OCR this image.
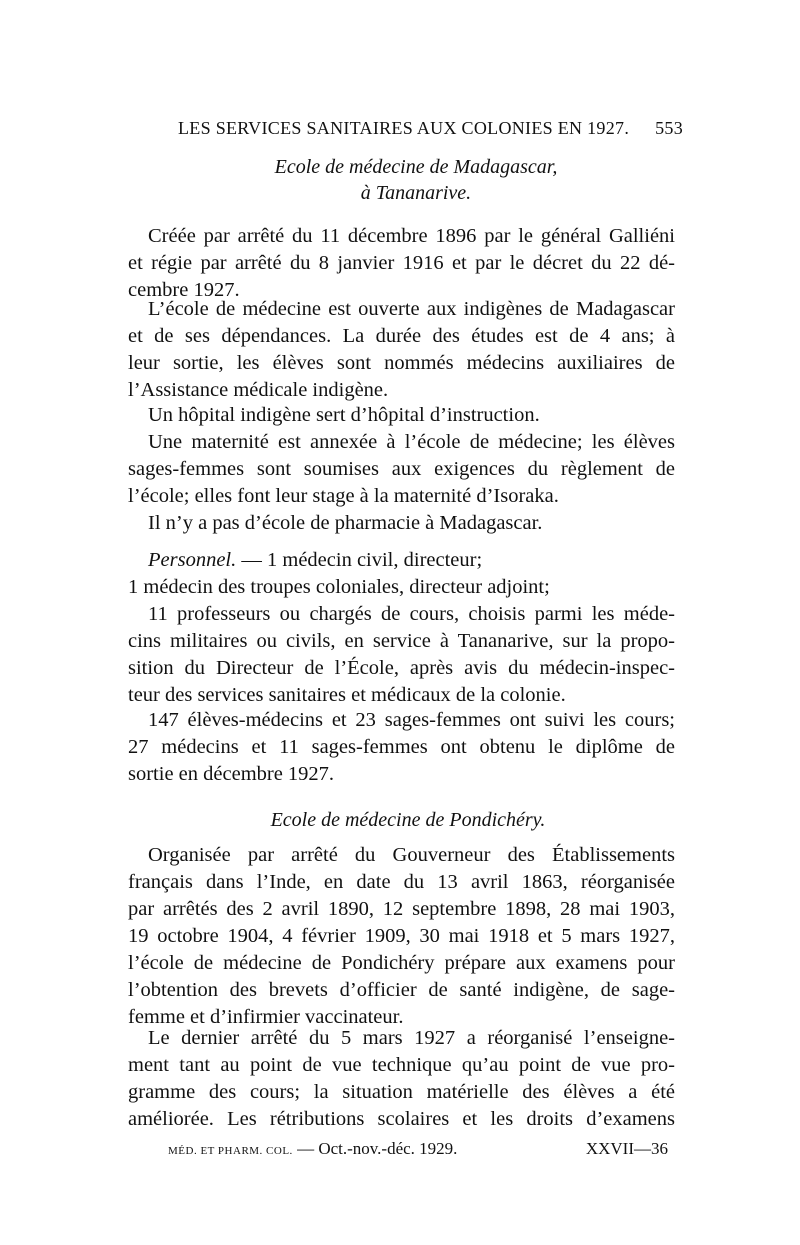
LES SERVICES SANITAIRES AUX COLONIES EN 1927. 553
Ecole de médecine de Madagascar,
à Tananarive.
Créée par arrêté du 11 décembre 1896 par le général Galliéni
et régie par arrêté du 8 janvier 1916 et par le décret du 22 dé-
cembre 1927.
L’école de médecine est ouverte aux indigènes de Madagascar
et de ses dépendances. La durée des études est de 4 ans; à
leur sortie, les élèves sont nommés médecins auxiliaires de
l’Assistance médicale indigène.
Un hôpital indigène sert d’hôpital d’instruction.
Une maternité est annexée à l’école de médecine; les élèves
sages-femmes sont soumises aux exigences du règlement de
l’école; elles font leur stage à la maternité d’Isoraka.
Il n’y a pas d’école de pharmacie à Madagascar.
Personnel. — 1 médecin civil, directeur;
1 médecin des troupes coloniales, directeur adjoint;
11 professeurs ou chargés de cours, choisis parmi les méde-
cins militaires ou civils, en service à Tananarive, sur la propo-
sition du Directeur de l’École, après avis du médecin-inspec-
teur des services sanitaires et médicaux de la colonie.
147 élèves-médecins et 23 sages-femmes ont suivi les cours;
27 médecins et 11 sages-femmes ont obtenu le diplôme de
sortie en décembre 1927.
Ecole de médecine de Pondichéry.
Organisée par arrêté du Gouverneur des Établissements
français dans l’Inde, en date du 13 avril 1863, réorganisée
par arrêtés des 2 avril 1890, 12 septembre 1898, 28 mai 1903,
19 octobre 1904, 4 février 1909, 30 mai 1918 et 5 mars 1927,
l’école de médecine de Pondichéry prépare aux examens pour
l’obtention des brevets d’officier de santé indigène, de sage-
femme et d’infirmier vaccinateur.
Le dernier arrêté du 5 mars 1927 a réorganisé l’enseigne-
ment tant au point de vue technique qu’au point de vue pro-
gramme des cours; la situation matérielle des élèves a été
améliorée. Les rétributions scolaires et les droits d’examens
MÉD. ET PHARM. COL. — Oct.-nov.-déc. 1929.	XXVII—36
